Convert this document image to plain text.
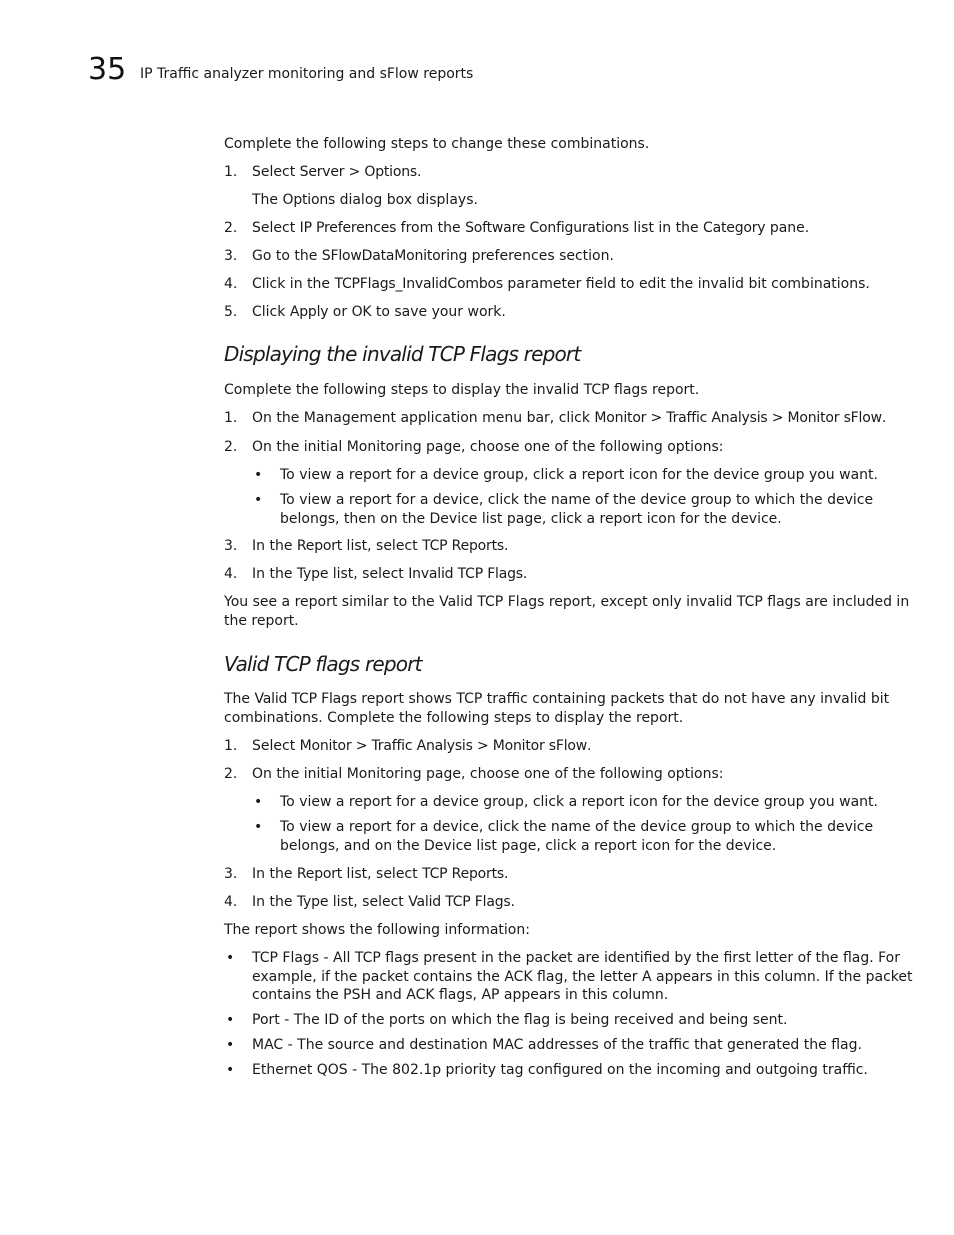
35 IP Traffic analyzer monitoring and sFlow reports

Complete the following steps to change these combinations.

1. Select Server > Options.
The Options dialog box displays.
2. Select IP Preferences from the Software Configurations list in the Category pane.
3. Go to the SFlowDataMonitoring preferences section.
4. Click in the TCPFlags_InvalidCombos parameter field to edit the invalid bit combinations.
5. Click Apply or OK to save your work.
Displaying the invalid TCP Flags report

Complete the following steps to display the invalid TCP flags report.

1. On the Management application menu bar, click Monitor > Traffic Analysis > Monitor sFlow.
2. On the initial Monitoring page, choose one of the following options:
• To view a report for a device group, click a report icon for the device group you want.
• To view a report for a device, click the name of the device group to which the device
belongs, then on the Device list page, click a report icon for the device.
3. In the Report list, select TCP Reports.
4. In the Type list, select Invalid TCP Flags.

You see a report similar to the Valid TCP Flags report, except only invalid TCP flags are included in

the report.

Valid TCP flags report

The Valid TCP Flags report shows TCP traffic containing packets that do not have any invalid bit

combinations. Complete the following steps to display the report.

1. Select Monitor > Traffic Analysis > Monitor sFlow.
2. On the initial Monitoring page, choose one of the following options:
• To view a report for a device group, click a report icon for the device group you want.
• To view a report for a device, click the name of the device group to which the device
belongs, and on the Device list page, click a report icon for the device.
3. In the Report list, select TCP Reports.
4. In the Type list, select Valid TCP Flags.

The report shows the following information:

• TCP Flags - All TCP flags present in the packet are identified by the first letter of the flag. For
example, if the packet contains the ACK flag, the letter A appears in this column. If the packet
contains the PSH and ACK flags, AP appears in this column.
• Port - The ID of the ports on which the flag is being received and being sent.
• MAC - The source and destination MAC addresses of the traffic that generated the flag.
• Ethernet QOS - The 802.1p priority tag configured on the incoming and outgoing traffic.
